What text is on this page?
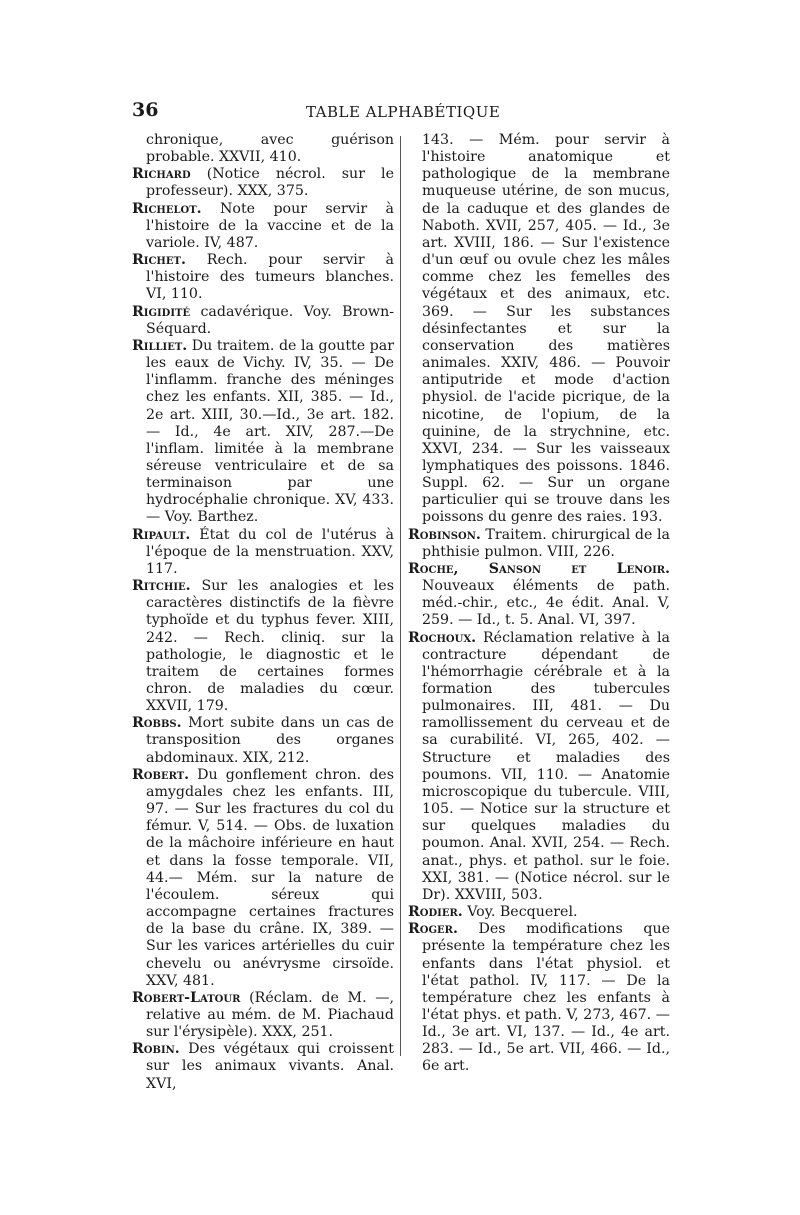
36	TABLE ALPHABÉTIQUE

chronique, avec guérison probable. XXVII, 410.

Richard (Notice nécrol. sur le professeur). XXX, 375.

Richelot. Note pour servir à l'histoire de la vaccine et de la variole. IV, 487.

Richet. Rech. pour servir à l'histoire des tumeurs blanches. VI, 110.

Rigidité cadavérique. Voy. Brown-Séquard.

Rilliet. Du traitem. de la goutte par les eaux de Vichy. IV, 35. — De l'inflamm. franche des méninges chez les enfants. XII, 385. — Id., 2e art. XIII, 30.—Id., 3e art. 182.— Id., 4e art. XIV, 287.—De l'inflam. limitée à la membrane séreuse ventriculaire et de sa terminaison par une hydrocéphalie chronique. XV, 433. — Voy. Barthez.

Ripault. État du col de l'utérus à l'époque de la menstruation. XXV, 117.

Ritchie. Sur les analogies et les caractères distinctifs de la fièvre typhoïde et du typhus fever. XIII, 242. — Rech. cliniq. sur la pathologie, le diagnostic et le traitem de certaines formes chron. de maladies du cœur. XXVII, 179.

Robbs. Mort subite dans un cas de transposition des organes abdominaux. XIX, 212.

Robert. Du gonflement chron. des amygdales chez les enfants. III, 97. — Sur les fractures du col du fémur. V, 514. — Obs. de luxation de la mâchoire inférieure en haut et dans la fosse temporale. VII, 44.— Mém. sur la nature de l'écoulem. séreux qui accompagne certaines fractures de la base du crâne. IX, 389. — Sur les varices artérielles du cuir chevelu ou anévrysme cirsoïde. XXV, 481.

Robert-Latour (Réclam. de M. —, relative au mém. de M. Piachaud sur l'érysipèle). XXX, 251.

Robin. Des végétaux qui croissent sur les animaux vivants. Anal. XVI,

143. — Mém. pour servir à l'histoire anatomique et pathologique de la membrane muqueuse utérine, de son mucus, de la caduque et des glandes de Naboth. XVII, 257, 405. — Id., 3e art. XVIII, 186. — Sur l'existence d'un œuf ou ovule chez les mâles comme chez les femelles des végétaux et des animaux, etc. 369. — Sur les substances désinfectantes et sur la conservation des matières animales. XXIV, 486. — Pouvoir antiputride et mode d'action physiol. de l'acide picrique, de la nicotine, de l'opium, de la quinine, de la strychnine, etc. XXVI, 234. — Sur les vaisseaux lymphatiques des poissons. 1846. Suppl. 62. — Sur un organe particulier qui se trouve dans les poissons du genre des raies. 193.

Robinson. Traitem. chirurgical de la phthisie pulmon. VIII, 226.

Roche, Sanson et Lenoir. Nouveaux éléments de path. méd.-chir., etc., 4e édit. Anal. V, 259. — Id., t. 5. Anal. VI, 397.

Rochoux. Réclamation relative à la contracture dépendant de l'hémorrhagie cérébrale et à la formation des tubercules pulmonaires. III, 481. — Du ramollissement du cerveau et de sa curabilité. VI, 265, 402. — Structure et maladies des poumons. VII, 110. — Anatomie microscopique du tubercule. VIII, 105. — Notice sur la structure et sur quelques maladies du poumon. Anal. XVII, 254. — Rech. anat., phys. et pathol. sur le foie. XXI, 381. — (Notice nécrol. sur le Dr). XXVIII, 503.

Rodier. Voy. Becquerel.

Roger. Des modifications que présente la température chez les enfants dans l'état physiol. et l'état pathol. IV, 117. — De la température chez les enfants à l'état phys. et path. V, 273, 467. — Id., 3e art. VI, 137. — Id., 4e art. 283. — Id., 5e art. VII, 466. — Id., 6e art.
